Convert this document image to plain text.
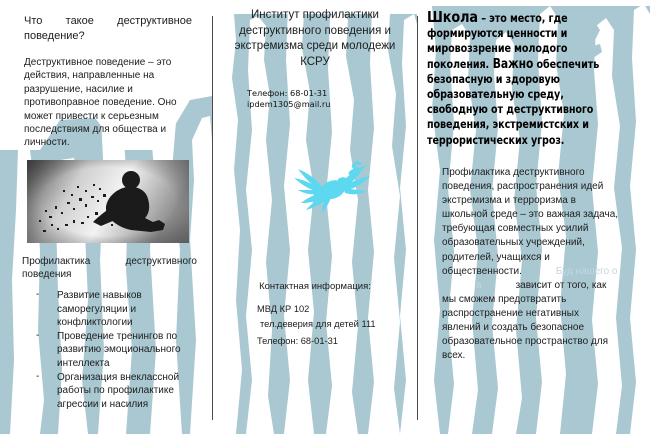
Что такое деструктивное поведение?
Деструктивное поведение – это действия, направленные на разрушение, насилие и противоправное поведение. Оно может привести к серьезным последствиям для общества и личности.
Профилактика	деструктивного
поведения
- Развитие навыков саморегуляции и конфликтологии
- Проведение тренингов по развитию эмоционального интеллекта
- Организация внеклассной работы по профилактике агрессии и насилия
Институт профилактики деструктивного поведения и экстремизма среди молодежи КСРУ
Телефон: 68-01-31
ipdem1305@mail.ru
Контактная информация:
МВД КР 102
тел.деверия для детей 111
Телефон: 68-01-31
Школа – это место, где формируются ценности и мировоззрение молодого поколения. Важно обеспечить безопасную и здоровую образовательную среду, свободную от деструктивного поведения, экстремистских и террористических угроз.
Профилактика деструктивного поведения, распространения идей экстремизма и терроризма в школьной среде – это важная задача, требующая совместных усилий образовательных учреждений, родителей, учащихся и общественности.	Буд нашего оа	зависит от того, как мы сможем предотвратить распространение негативных явлений и создать безопасное образовательное пространство для всех.
